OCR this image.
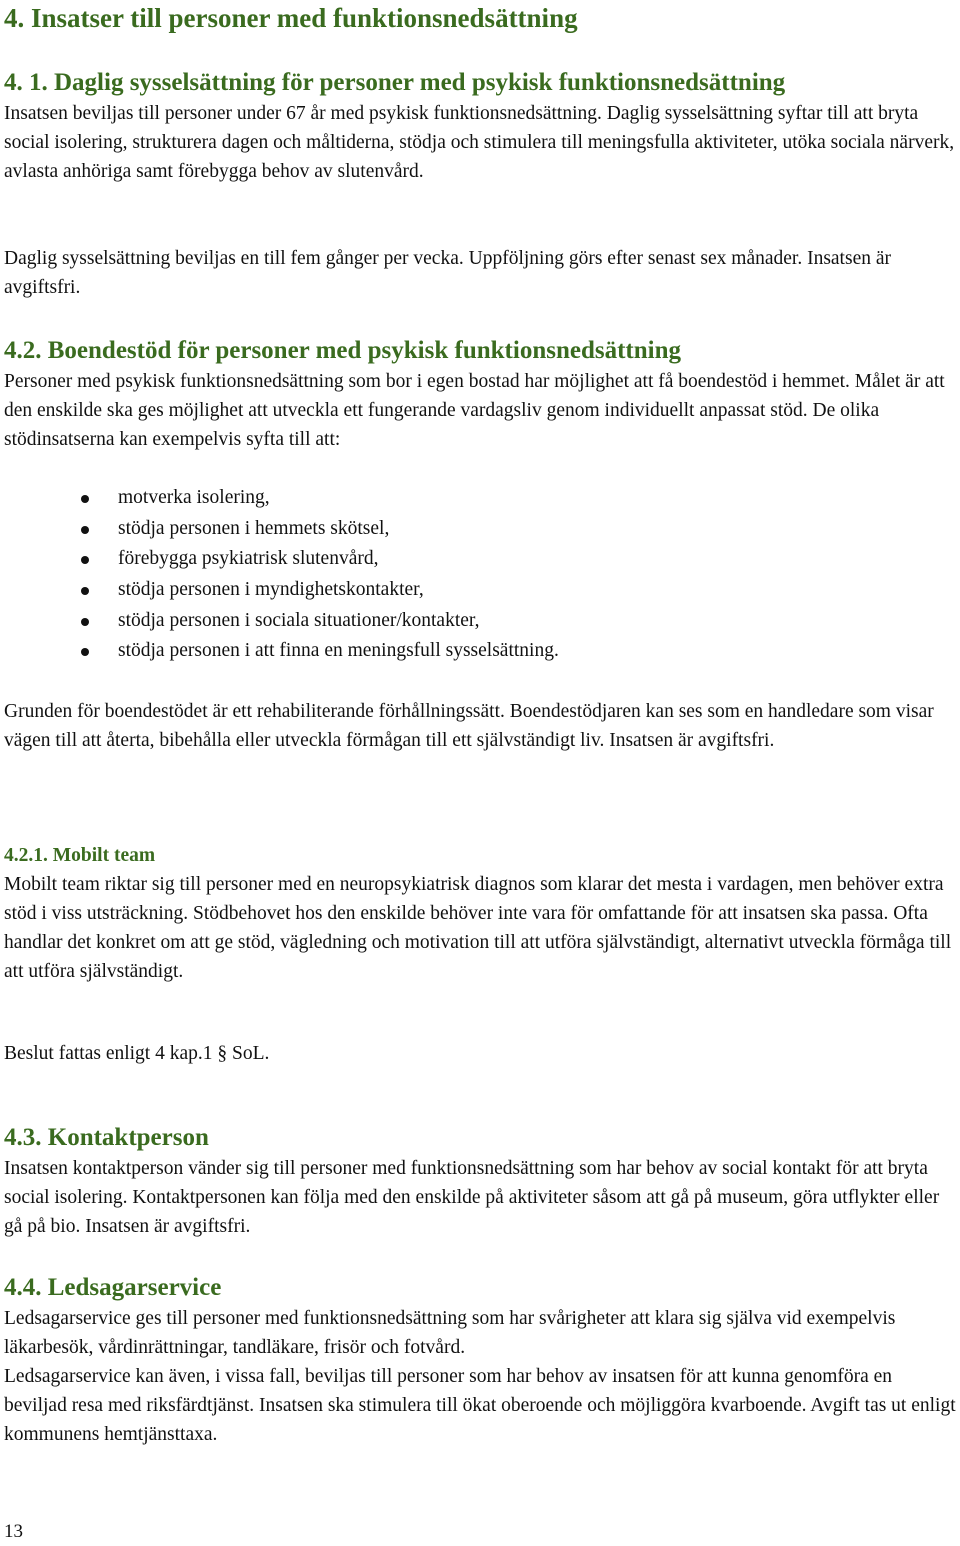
4. Insatser till personer med funktionsnedsättning
4. 1. Daglig sysselsättning för personer med psykisk funktionsnedsättning

Insatsen beviljas till personer under 67 år med psykisk funktionsnedsättning. Daglig sysselsättning syftar till att bryta social isolering, strukturera dagen och måltiderna, stödja och stimulera till meningsfulla aktiviteter, utöka sociala närverk, avlasta anhöriga samt förebygga behov av slutenvård.

Daglig sysselsättning beviljas en till fem gånger per vecka. Uppföljning görs efter senast sex månader. Insatsen är avgiftsfri.

4.2. Boendestöd för personer med psykisk funktionsnedsättning

Personer med psykisk funktionsnedsättning som bor i egen bostad har möjlighet att få boendestöd i hemmet. Målet är att den enskilde ska ges möjlighet att utveckla ett fungerande vardagsliv genom individuellt anpassat stöd. De olika stödinsatserna kan exempelvis syfta till att:

motverka isolering,
stödja personen i hemmets skötsel,
förebygga psykiatrisk slutenvård,
stödja personen i myndighetskontakter,
stödja personen i sociala situationer/kontakter,
stödja personen i att finna en meningsfull sysselsättning.

Grunden för boendestödet är ett rehabiliterande förhållningssätt. Boendestödjaren kan ses som en handledare som visar vägen till att återta, bibehålla eller utveckla förmågan till ett självständigt liv. Insatsen är avgiftsfri.

4.2.1. Mobilt team

Mobilt team riktar sig till personer med en neuropsykiatrisk diagnos som klarar det mesta i vardagen, men behöver extra stöd i viss utsträckning. Stödbehovet hos den enskilde behöver inte vara för omfattande för att insatsen ska passa. Ofta handlar det konkret om att ge stöd, vägledning och motivation till att utföra självständigt, alternativt utveckla förmåga till att utföra självständigt.

Beslut fattas enligt 4 kap.1 § SoL.

4.3. Kontaktperson

Insatsen kontaktperson vänder sig till personer med funktionsnedsättning som har behov av social kontakt för att bryta social isolering. Kontaktpersonen kan följa med den enskilde på aktiviteter såsom att gå på museum, göra utflykter eller gå på bio. Insatsen är avgiftsfri.

4.4. Ledsagarservice

Ledsagarservice ges till personer med funktionsnedsättning som har svårigheter att klara sig själva vid exempelvis läkarbesök, vårdinrättningar, tandläkare, frisör och fotvård.

Ledsagarservice kan även, i vissa fall, beviljas till personer som har behov av insatsen för att kunna genomföra en beviljad resa med riksfärdtjänst. Insatsen ska stimulera till ökat oberoende och möjliggöra kvarboende. Avgift tas ut enligt kommunens hemtjänsttaxa.

13
